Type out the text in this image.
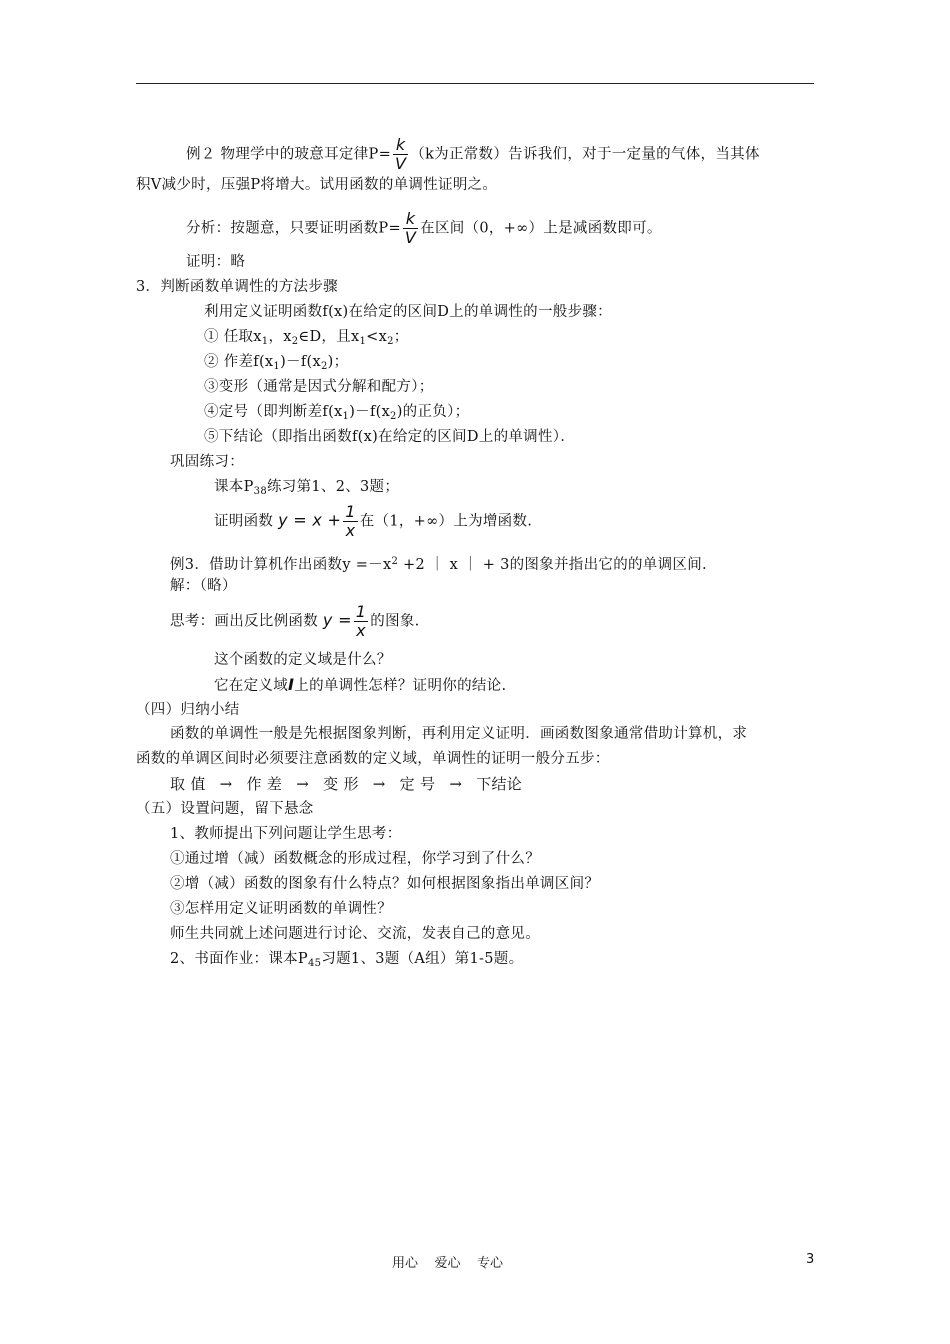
例２ 物理学中的玻意耳定律$P= \frac{k}{V} (k$为正常数）告诉我们，对于一定量的气体，当其体
积V减少时，压强P将增大。试用函数的单调性证明之。
分析：按题意，只要证明函数$P= \frac{k}{V}$ 在区间（0，+∞）上是减函数即可。
证明：略
3．判断函数单调性的方法步骤
利用定义证明函数f(x)在给定的区间D上的单调性的一般步骤：
① 任取$x_1$，$x_2\in D$，且$x_1<x_2$；
② 作差$f(x_1)-f(x_2)$；
③变形（通常是因式分解和配方）；
④定号（即判断差$f(x_1)-f(x_2)$的正负）；
⑤下结论（即指出函数f(x)在给定的区间D上的单调性）．
巩固练习：
课本$P_{38}$练习第1、2、3题；
证明函数 $y = x + \frac{1}{x}$ 在（1，+∞）上为增函数.
例3．借助计算机作出函数$y =-x^2 +2$ ｜ x ｜ + 3的图象并指出它的的单调区间.
解：（略）
思考：画出反比例函数 $y = \frac{1}{x}$ 的图象.
这个函数的定义域是什么？
它在定义域I上的单调性怎样？证明你的结论.
（四）归纳小结
函数的单调性一般是先根据图象判断，再利用定义证明．画函数图象通常借助计算机，求
函数的单调区间时必须要注意函数的定义域，单调性的证明一般分五步：
取 值 → 作 差 → 变 形 → 定 号 → 下结论
（五）设置问题，留下悬念
1、教师提出下列问题让学生思考：
①通过增（减）函数概念的形成过程，你学习到了什么？
②增（减）函数的图象有什么特点？如何根据图象指出单调区间？
③怎样用定义证明函数的单调性？
师生共同就上述问题进行讨论、交流，发表自己的意见。
2、书面作业：课本$P_{45}$习题1、3题（A组）第1-5题。
用心    爱心    专心	3
